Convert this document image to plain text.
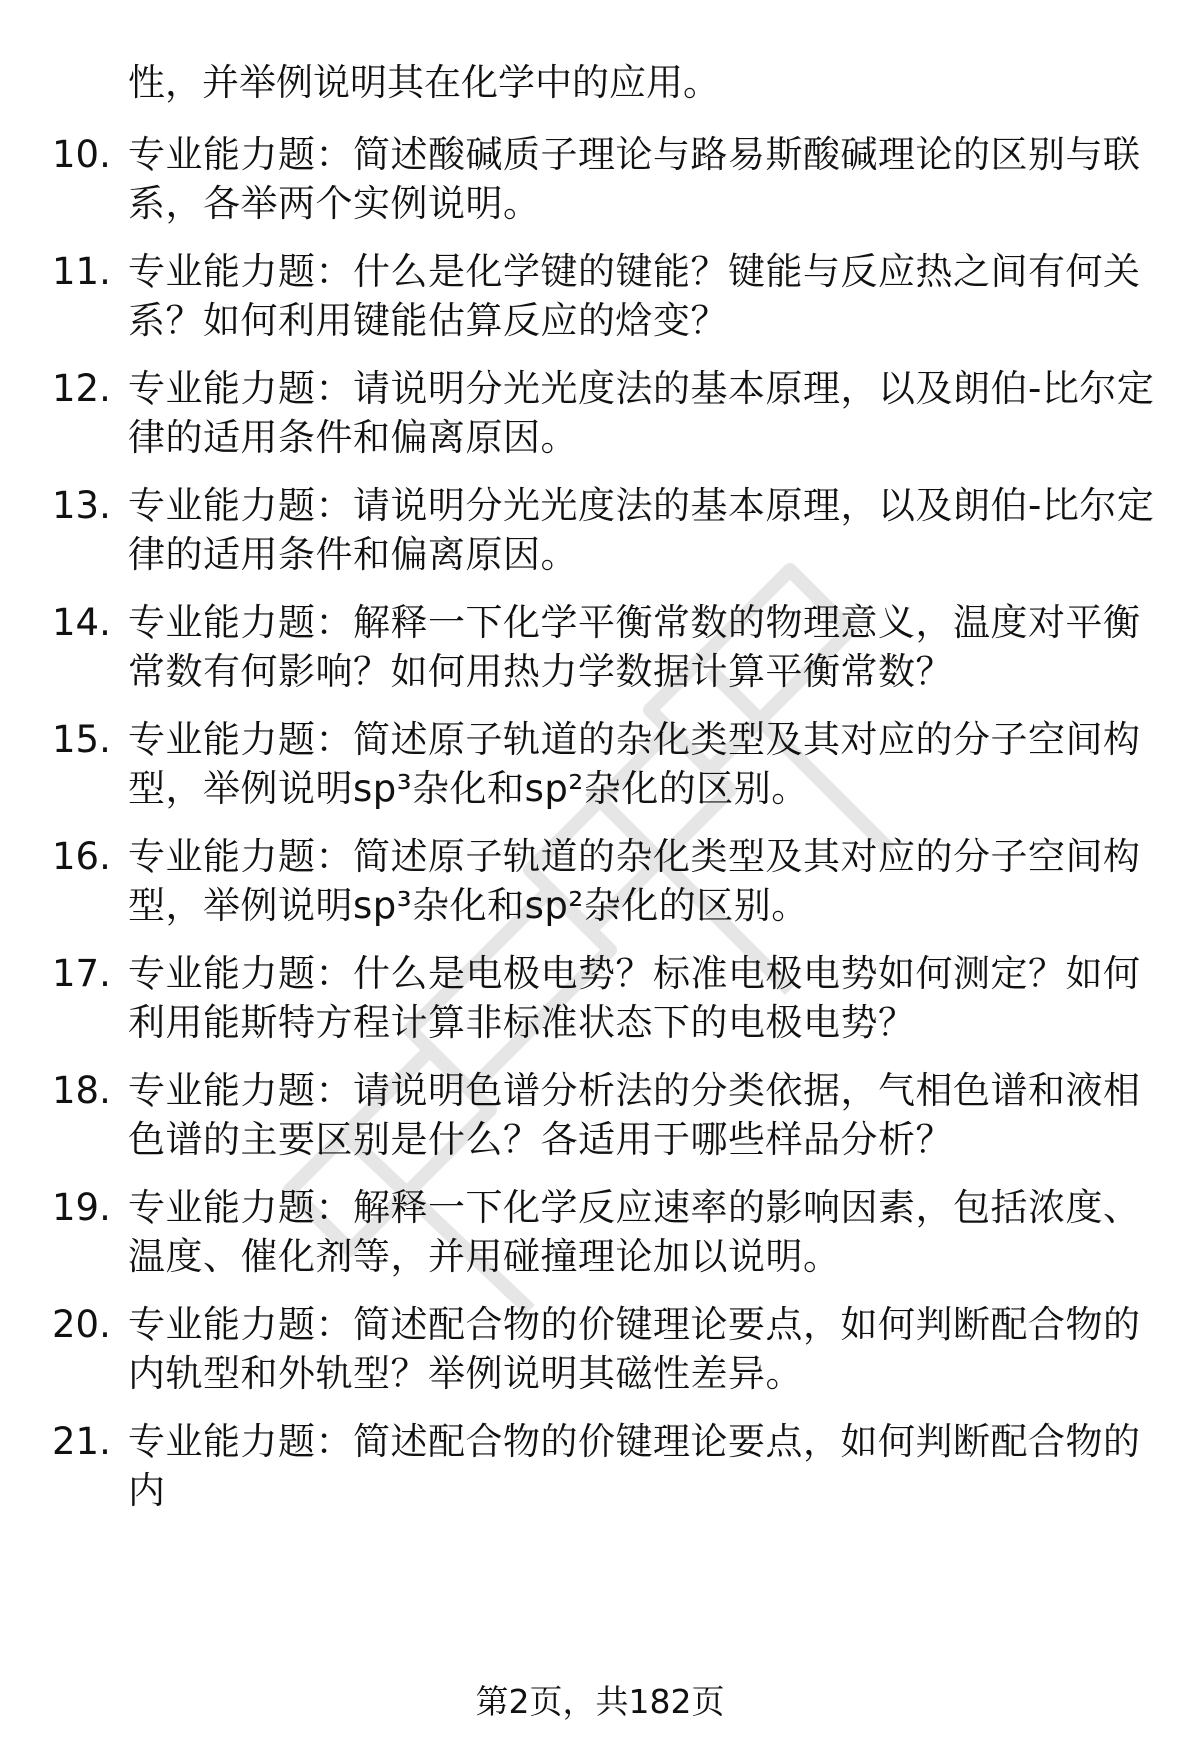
性，并举例说明其在化学中的应用。
10. 专业能力题：简述酸碱质子理论与路易斯酸碱理论的区别与联系，各举两个实例说明。
11. 专业能力题：什么是化学键的键能？键能与反应热之间有何关系？如何利用键能估算反应的焓变？
12. 专业能力题：请说明分光光度法的基本原理，以及朗伯-比尔定律的适用条件和偏离原因。
13. 专业能力题：请说明分光光度法的基本原理，以及朗伯-比尔定律的适用条件和偏离原因。
14. 专业能力题：解释一下化学平衡常数的物理意义，温度对平衡常数有何影响？如何用热力学数据计算平衡常数？
15. 专业能力题：简述原子轨道的杂化类型及其对应的分子空间构型，举例说明sp³杂化和sp²杂化的区别。
16. 专业能力题：简述原子轨道的杂化类型及其对应的分子空间构型，举例说明sp³杂化和sp²杂化的区别。
17. 专业能力题：什么是电极电势？标准电极电势如何测定？如何利用能斯特方程计算非标准状态下的电极电势？
18. 专业能力题：请说明色谱分析法的分类依据，气相色谱和液相色谱的主要区别是什么？各适用于哪些样品分析？
19. 专业能力题：解释一下化学反应速率的影响因素，包括浓度、温度、催化剂等，并用碰撞理论加以说明。
20. 专业能力题：简述配合物的价键理论要点，如何判断配合物的内轨型和外轨型？举例说明其磁性差异。
21. 专业能力题：简述配合物的价键理论要点，如何判断配合物的内
第2页，共182页
